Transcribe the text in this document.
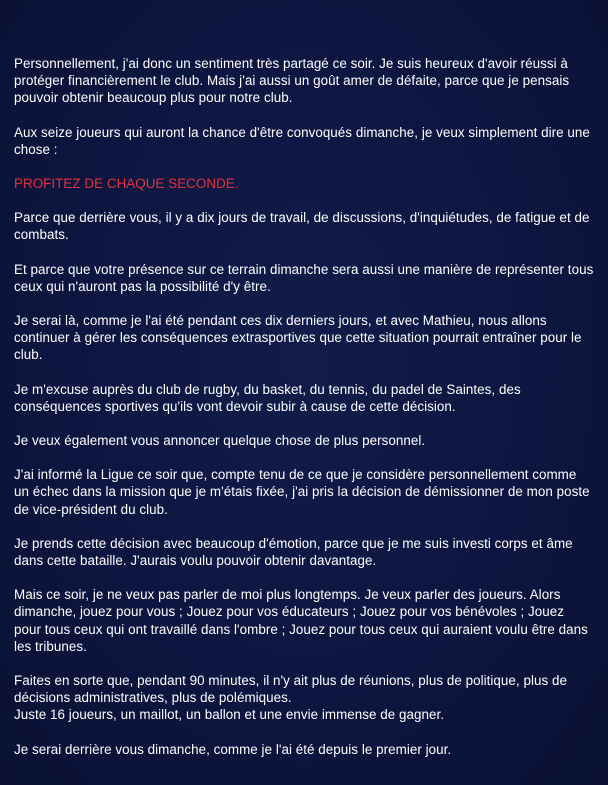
Personnellement, j'ai donc un sentiment très partagé ce soir. Je suis heureux d'avoir réussi à protéger financièrement le club. Mais j'ai aussi un goût amer de défaite, parce que je pensais pouvoir obtenir beaucoup plus pour notre club.

Aux seize joueurs qui auront la chance d'être convoqués dimanche, je veux simplement dire une chose :

PROFITEZ DE CHAQUE SECONDE.

Parce que derrière vous, il y a dix jours de travail, de discussions, d'inquiétudes, de fatigue et de combats.

Et parce que votre présence sur ce terrain dimanche sera aussi une manière de représenter tous ceux qui n'auront pas la possibilité d'y être.

Je serai là, comme je l'ai été pendant ces dix derniers jours, et avec Mathieu, nous allons continuer à gérer les conséquences extrasportives que cette situation pourrait entraîner pour le club.

Je m'excuse auprès du club de rugby, du basket, du tennis, du padel de Saintes, des conséquences sportives qu'ils vont devoir subir à cause de cette décision.

Je veux également vous annoncer quelque chose de plus personnel.

J'ai informé la Ligue ce soir que, compte tenu de ce que je considère personnellement comme un échec dans la mission que je m'étais fixée, j'ai pris la décision de démissionner de mon poste de vice-président du club.

Je prends cette décision avec beaucoup d'émotion, parce que je me suis investi corps et âme dans cette bataille. J'aurais voulu pouvoir obtenir davantage.

Mais ce soir, je ne veux pas parler de moi plus longtemps. Je veux parler des joueurs. Alors dimanche, jouez pour vous ; Jouez pour vos éducateurs ; Jouez pour vos bénévoles ; Jouez pour tous ceux qui ont travaillé dans l'ombre ; Jouez pour tous ceux qui auraient voulu être dans les tribunes.

Faites en sorte que, pendant 90 minutes, il n'y ait plus de réunions, plus de politique, plus de décisions administratives, plus de polémiques.
Juste 16 joueurs, un maillot, un ballon et une envie immense de gagner.

Je serai derrière vous dimanche, comme je l'ai été depuis le premier jour.
